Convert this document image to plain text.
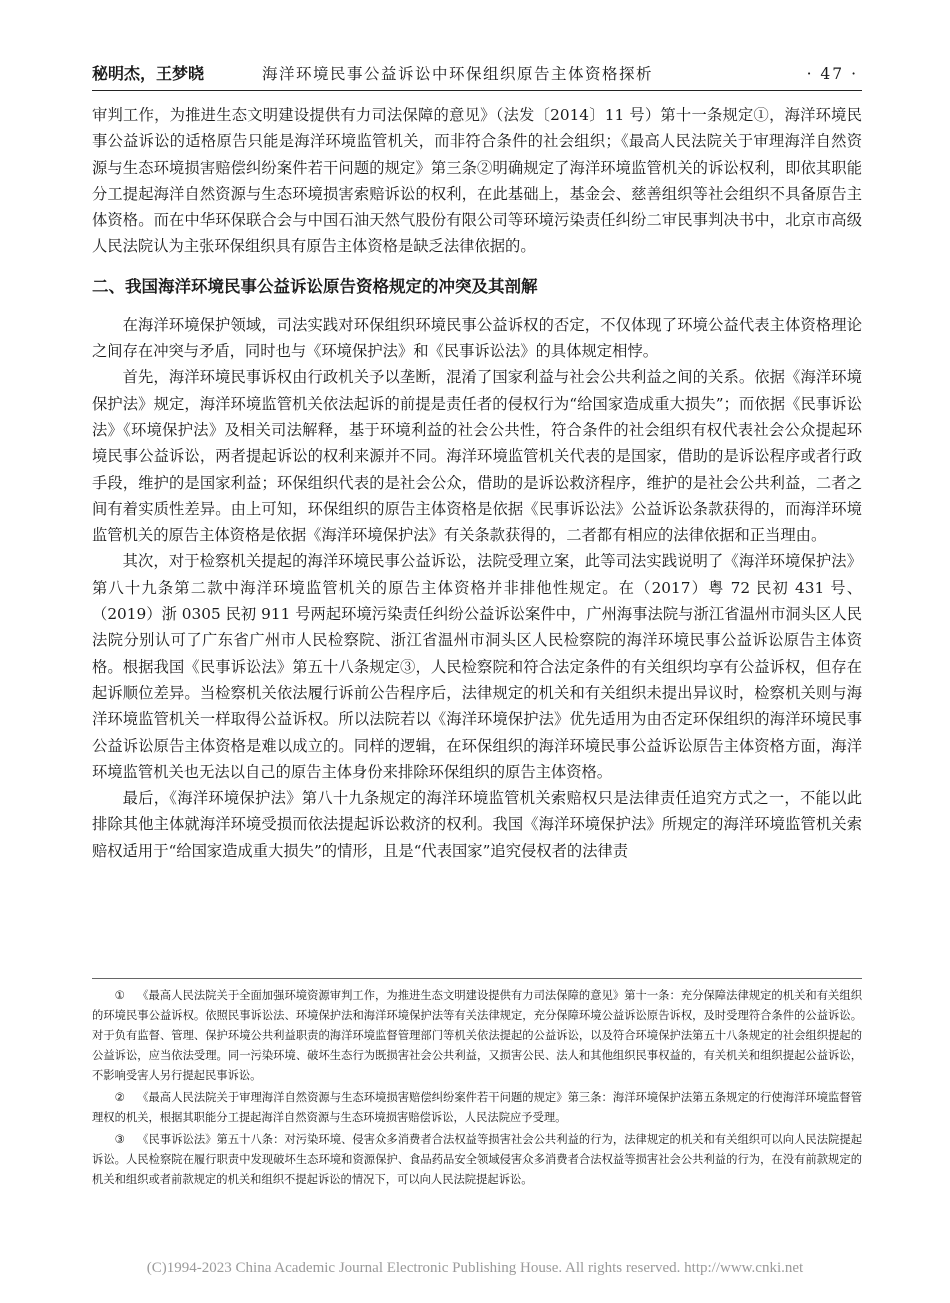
秘明杰，王梦晓	海洋环境民事公益诉讼中环保组织原告主体资格探析	· 47 ·

审判工作，为推进生态文明建设提供有力司法保障的意见》（法发〔2014〕11 号）第十一条规定①，海洋环境民事公益诉讼的适格原告只能是海洋环境监管机关，而非符合条件的社会组织；《最高人民法院关于审理海洋自然资源与生态环境损害赔偿纠纷案件若干问题的规定》第三条②明确规定了海洋环境监管机关的诉讼权利，即依其职能分工提起海洋自然资源与生态环境损害索赔诉讼的权利，在此基础上，基金会、慈善组织等社会组织不具备原告主体资格。而在中华环保联合会与中国石油天然气股份有限公司等环境污染责任纠纷二审民事判决书中，北京市高级人民法院认为主张环保组织具有原告主体资格是缺乏法律依据的。

二、我国海洋环境民事公益诉讼原告资格规定的冲突及其剖解

在海洋环境保护领域，司法实践对环保组织环境民事公益诉权的否定，不仅体现了环境公益代表主体资格理论之间存在冲突与矛盾，同时也与《环境保护法》和《民事诉讼法》的具体规定相悖。

首先，海洋环境民事诉权由行政机关予以垄断，混淆了国家利益与社会公共利益之间的关系。依据《海洋环境保护法》规定，海洋环境监管机关依法起诉的前提是责任者的侵权行为“给国家造成重大损失”；而依据《民事诉讼法》《环境保护法》及相关司法解释，基于环境利益的社会公共性，符合条件的社会组织有权代表社会公众提起环境民事公益诉讼，两者提起诉讼的权利来源并不同。海洋环境监管机关代表的是国家，借助的是诉讼程序或者行政手段，维护的是国家利益；环保组织代表的是社会公众，借助的是诉讼救济程序，维护的是社会公共利益，二者之间有着实质性差异。由上可知，环保组织的原告主体资格是依据《民事诉讼法》公益诉讼条款获得的，而海洋环境监管机关的原告主体资格是依据《海洋环境保护法》有关条款获得的，二者都有相应的法律依据和正当理由。

其次，对于检察机关提起的海洋环境民事公益诉讼，法院受理立案，此等司法实践说明了《海洋环境保护法》第八十九条第二款中海洋环境监管机关的原告主体资格并非排他性规定。在（2017）粤 72 民初 431 号、（2019）浙 0305 民初 911 号两起环境污染责任纠纷公益诉讼案件中，广州海事法院与浙江省温州市洞头区人民法院分别认可了广东省广州市人民检察院、浙江省温州市洞头区人民检察院的海洋环境民事公益诉讼原告主体资格。根据我国《民事诉讼法》第五十八条规定③，人民检察院和符合法定条件的有关组织均享有公益诉权，但存在起诉顺位差异。当检察机关依法履行诉前公告程序后，法律规定的机关和有关组织未提出异议时，检察机关则与海洋环境监管机关一样取得公益诉权。所以法院若以《海洋环境保护法》优先适用为由否定环保组织的海洋环境民事公益诉讼原告主体资格是难以成立的。同样的逻辑，在环保组织的海洋环境民事公益诉讼原告主体资格方面，海洋环境监管机关也无法以自己的原告主体身份来排除环保组织的原告主体资格。

最后，《海洋环境保护法》第八十九条规定的海洋环境监管机关索赔权只是法律责任追究方式之一，不能以此排除其他主体就海洋环境受损而依法提起诉讼救济的权利。我国《海洋环境保护法》所规定的海洋环境监管机关索赔权适用于“给国家造成重大损失”的情形，且是“代表国家”追究侵权者的法律责

① 《最高人民法院关于全面加强环境资源审判工作，为推进生态文明建设提供有力司法保障的意见》第十一条：充分保障法律规定的机关和有关组织的环境民事公益诉权。依照民事诉讼法、环境保护法和海洋环境保护法等有关法律规定，充分保障环境公益诉讼原告诉权，及时受理符合条件的公益诉讼。对于负有监督、管理、保护环境公共利益职责的海洋环境监督管理部门等机关依法提起的公益诉讼，以及符合环境保护法第五十八条规定的社会组织提起的公益诉讼，应当依法受理。同一污染环境、破坏生态行为既损害社会公共利益，又损害公民、法人和其他组织民事权益的，有关机关和组织提起公益诉讼，不影响受害人另行提起民事诉讼。

② 《最高人民法院关于审理海洋自然资源与生态环境损害赔偿纠纷案件若干问题的规定》第三条：海洋环境保护法第五条规定的行使海洋环境监督管理权的机关，根据其职能分工提起海洋自然资源与生态环境损害赔偿诉讼，人民法院应予受理。

③ 《民事诉讼法》第五十八条：对污染环境、侵害众多消费者合法权益等损害社会公共利益的行为，法律规定的机关和有关组织可以向人民法院提起诉讼。人民检察院在履行职责中发现破坏生态环境和资源保护、食品药品安全领域侵害众多消费者合法权益等损害社会公共利益的行为，在没有前款规定的机关和组织或者前款规定的机关和组织不提起诉讼的情况下，可以向人民法院提起诉讼。

(C)1994-2023 China Academic Journal Electronic Publishing House. All rights reserved. http://www.cnki.net
